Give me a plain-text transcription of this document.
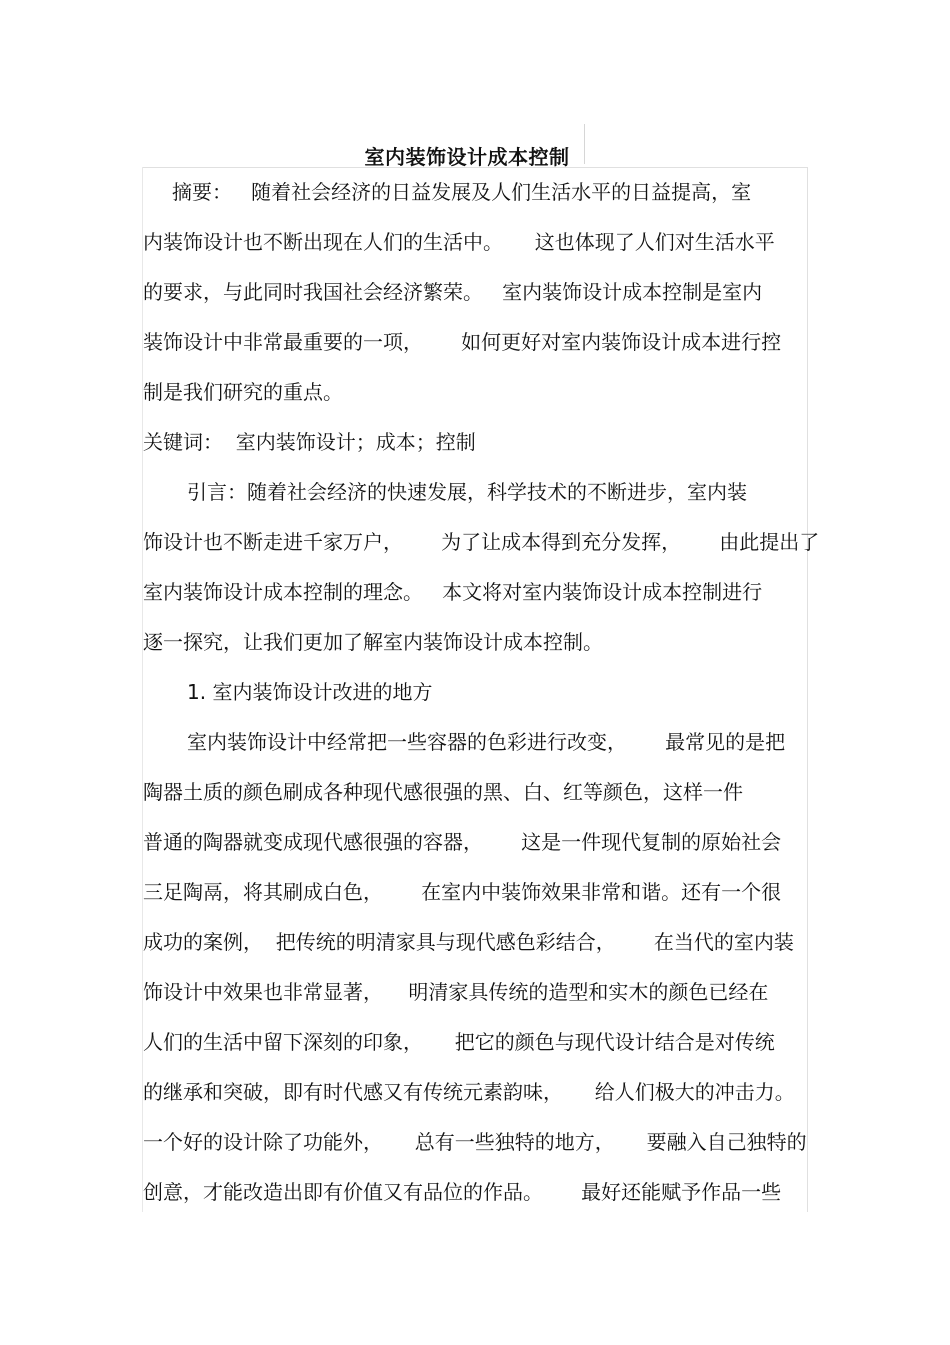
室内装饰设计成本控制

摘要：   随着社会经济的日益发展及人们生活水平的日益提高，室

内装饰设计也不断出现在人们的生活中。     这也体现了人们对生活水平

的要求，与此同时我国社会经济繁荣。   室内装饰设计成本控制是室内

装饰设计中非常最重要的一项，      如何更好对室内装饰设计成本进行控

制是我们研究的重点。

关键词：  室内装饰设计；成本；控制

引言：随着社会经济的快速发展，科学技术的不断进步，室内装

饰设计也不断走进千家万户，      为了让成本得到充分发挥，      由此提出了

室内装饰设计成本控制的理念。   本文将对室内装饰设计成本控制进行

逐一探究，让我们更加了解室内装饰设计成本控制。

1. 室内装饰设计改进的地方

室内装饰设计中经常把一些容器的色彩进行改变，      最常见的是把

陶器土质的颜色刷成各种现代感很强的黑、白、红等颜色，这样一件

普通的陶器就变成现代感很强的容器，      这是一件现代复制的原始社会

三足陶鬲，将其刷成白色，      在室内中装饰效果非常和谐。还有一个很

成功的案例，  把传统的明清家具与现代感色彩结合，      在当代的室内装

饰设计中效果也非常显著，    明清家具传统的造型和实木的颜色已经在

人们的生活中留下深刻的印象，     把它的颜色与现代设计结合是对传统

的继承和突破，即有时代感又有传统元素韵味，     给人们极大的冲击力。

一个好的设计除了功能外，     总有一些独特的地方，     要融入自己独特的

创意，才能改造出即有价值又有品位的作品。      最好还能赋予作品一些
